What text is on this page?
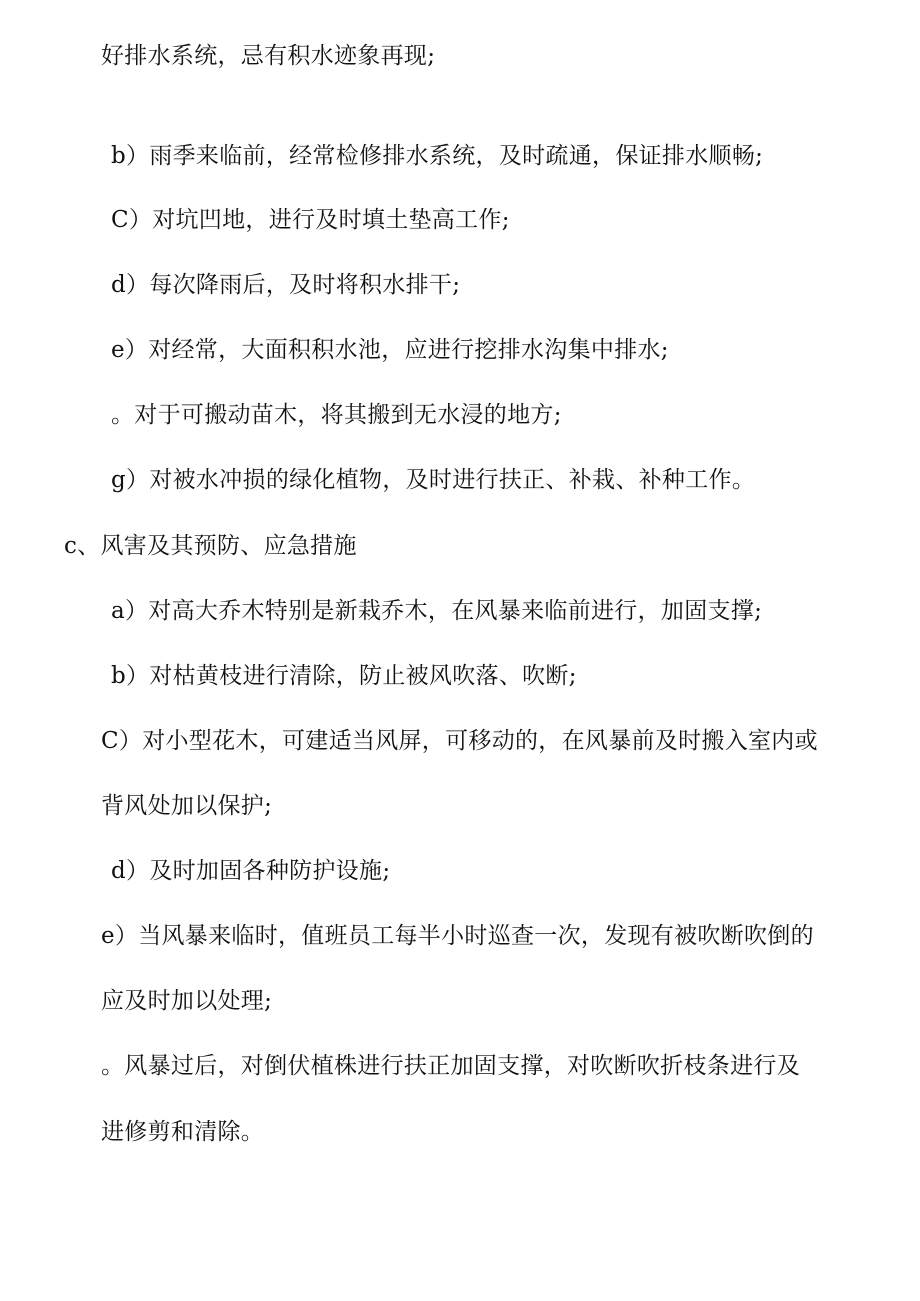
好排水系统，忌有积水迹象再现;
b）雨季来临前，经常检修排水系统，及时疏通，保证排水顺畅;
C）对坑凹地，进行及时填土垫高工作;
d）每次降雨后，及时将积水排干;
e）对经常，大面积积水池，应进行挖排水沟集中排水;
。对于可搬动苗木，将其搬到无水浸的地方;
g）对被水冲损的绿化植物，及时进行扶正、补栽、补种工作。
c、风害及其预防、应急措施
a）对高大乔木特别是新栽乔木，在风暴来临前进行，加固支撑;
b）对枯黄枝进行清除，防止被风吹落、吹断;
C）对小型花木，可建适当风屏，可移动的，在风暴前及时搬入室内或
背风处加以保护;
d）及时加固各种防护设施;
e）当风暴来临时，值班员工每半小时巡查一次，发现有被吹断吹倒的
应及时加以处理;
。风暴过后，对倒伏植株进行扶正加固支撑，对吹断吹折枝条进行及
进修剪和清除。
